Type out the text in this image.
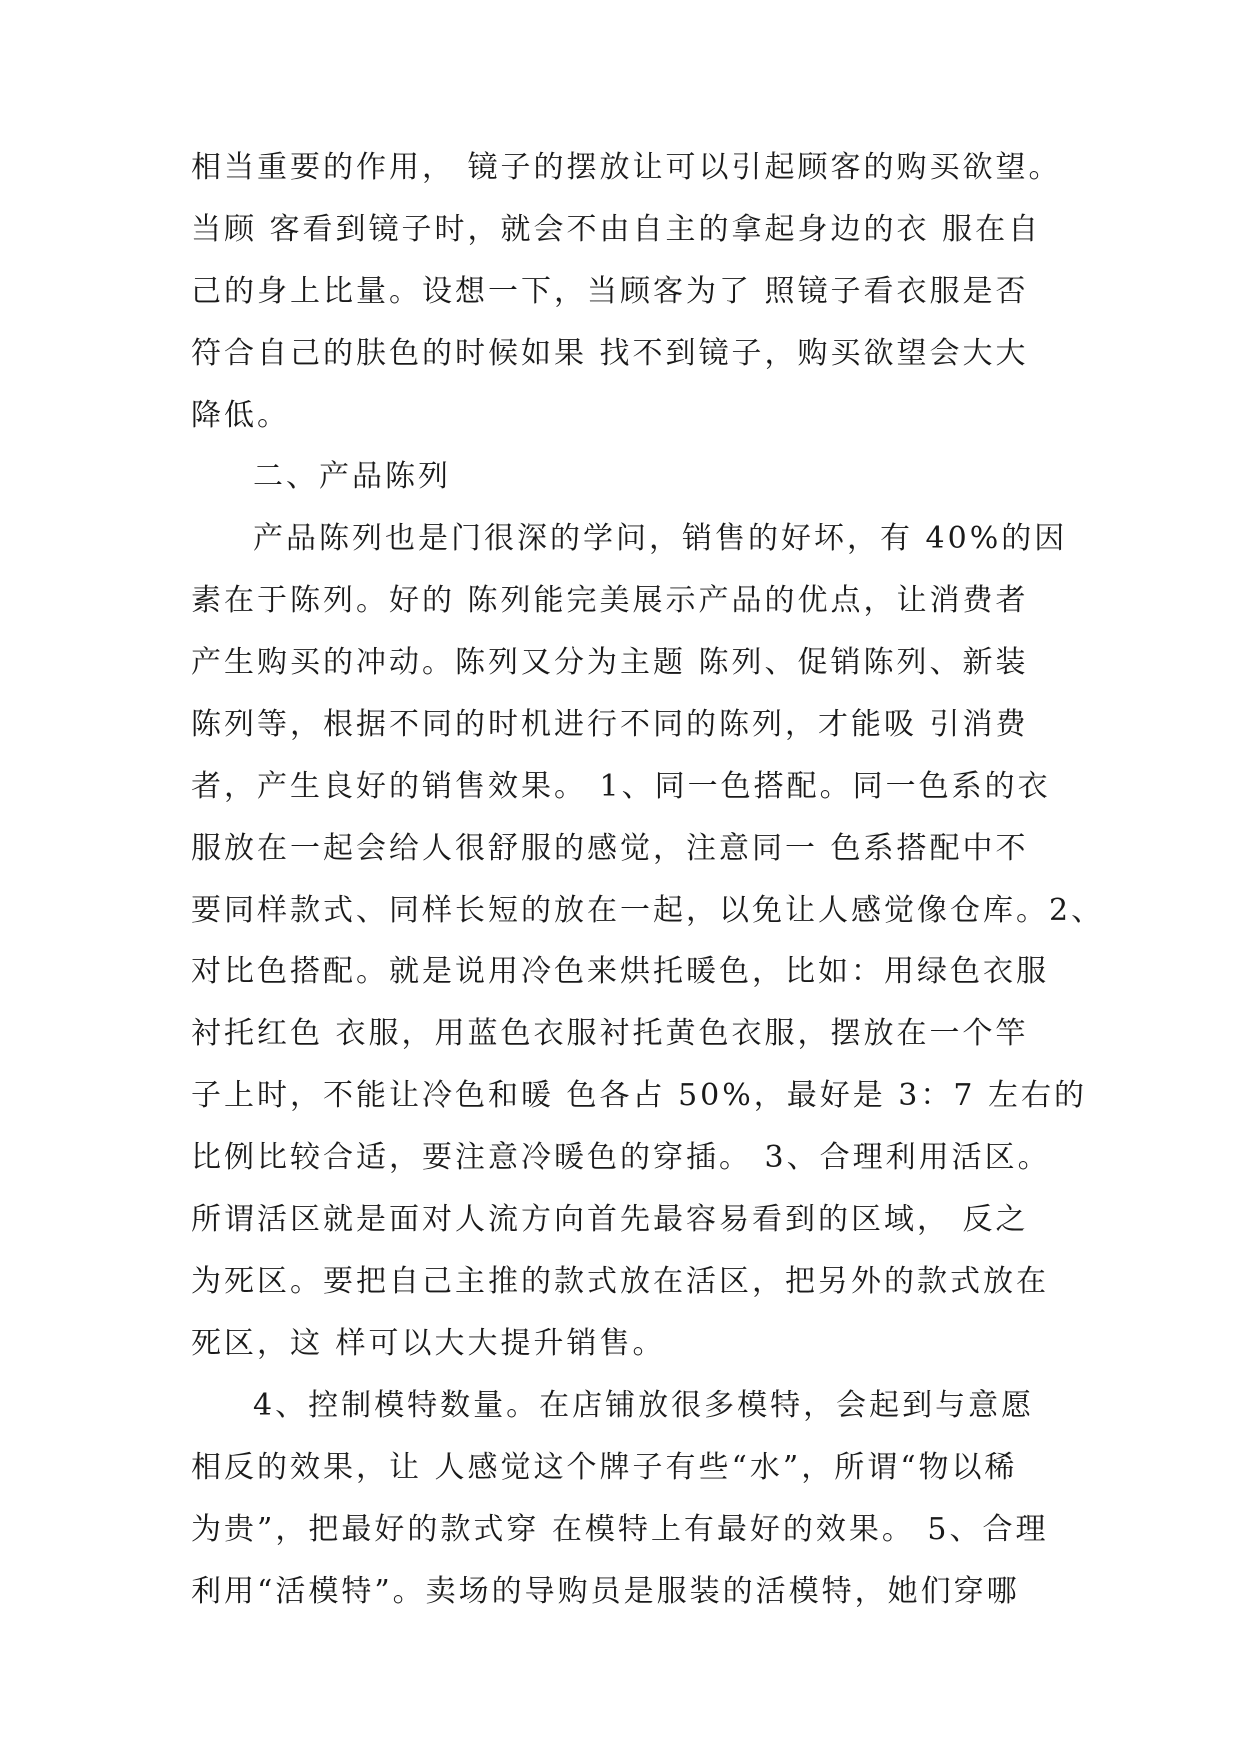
相当重要的作用， 镜子的摆放让可以引起顾客的购买欲望。
当顾 客看到镜子时，就会不由自主的拿起身边的衣 服在自
己的身上比量。设想一下，当顾客为了 照镜子看衣服是否
符合自己的肤色的时候如果 找不到镜子，购买欲望会大大
降低。
二、产品陈列
产品陈列也是门很深的学问，销售的好坏，有 40%的因
素在于陈列。好的 陈列能完美展示产品的优点，让消费者
产生购买的冲动。陈列又分为主题 陈列、促销陈列、新装
陈列等，根据不同的时机进行不同的陈列，才能吸 引消费
者，产生良好的销售效果。 1、同一色搭配。同一色系的衣
服放在一起会给人很舒服的感觉，注意同一 色系搭配中不
要同样款式、同样长短的放在一起，以免让人感觉像仓库。2、
对比色搭配。就是说用冷色来烘托暖色，比如：用绿色衣服
衬托红色 衣服，用蓝色衣服衬托黄色衣服，摆放在一个竿
子上时，不能让冷色和暖 色各占 50%，最好是 3：7 左右的
比例比较合适，要注意冷暖色的穿插。 3、合理利用活区。
所谓活区就是面对人流方向首先最容易看到的区域， 反之
为死区。要把自己主推的款式放在活区，把另外的款式放在
死区，这 样可以大大提升销售。
4、控制模特数量。在店铺放很多模特，会起到与意愿
相反的效果，让 人感觉这个牌子有些“水”，所谓“物以稀
为贵”，把最好的款式穿 在模特上有最好的效果。 5、合理
利用“活模特”。卖场的导购员是服装的活模特，她们穿哪
